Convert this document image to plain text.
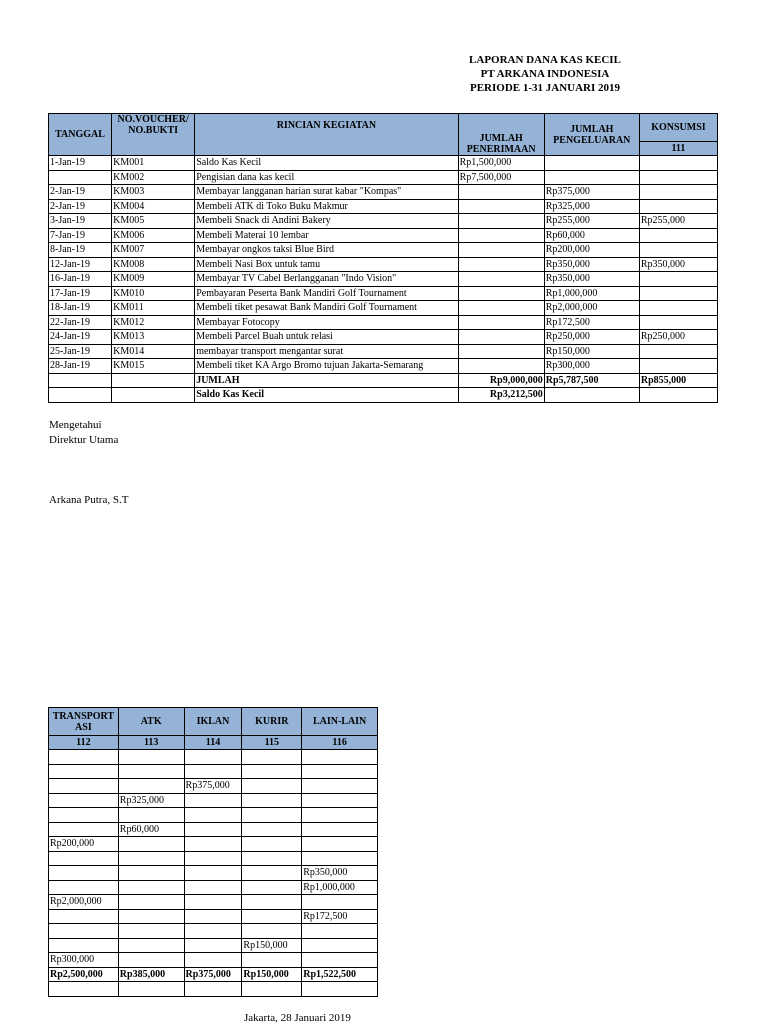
LAPORAN DANA KAS KECIL
PT ARKANA INDONESIA
PERIODE 1-31 JANUARI 2019
TANGGAL	NO.VOUCHER/ NO.BUKTI	RINCIAN KEGIATAN	JUMLAH PENERIMAAN	JUMLAH PENGELUARAN	KONSUMSI
					111
1-Jan-19	KM001	Saldo Kas Kecil	Rp1,500,000		
	KM002	Pengisian dana kas kecil	Rp7,500,000		
2-Jan-19	KM003	Membayar langganan harian surat kabar "Kompas"		Rp375,000	
2-Jan-19	KM004	Membeli ATK di Toko Buku Makmur		Rp325,000	
3-Jan-19	KM005	Membeli Snack di Andini Bakery		Rp255,000	Rp255,000
7-Jan-19	KM006	Membeli Materai 10 lembar		Rp60,000	
8-Jan-19	KM007	Membayar ongkos taksi Blue Bird		Rp200,000	
12-Jan-19	KM008	Membeli Nasi Box untuk tamu		Rp350,000	Rp350,000
16-Jan-19	KM009	Membayar TV Cabel Berlangganan "Indo Vision"		Rp350,000	
17-Jan-19	KM010	Pembayaran Peserta Bank Mandiri Golf Tournament		Rp1,000,000	
18-Jan-19	KM011	Membeli tiket pesawat Bank Mandiri Golf Tournament		Rp2,000,000	
22-Jan-19	KM012	Membayar Fotocopy		Rp172,500	
24-Jan-19	KM013	Membeli Parcel Buah untuk relasi		Rp250,000	Rp250,000
25-Jan-19	KM014	membayar transport mengantar surat		Rp150,000	
28-Jan-19	KM015	Membeli tiket KA Argo Bromo tujuan Jakarta-Semarang		Rp300,000	
		JUMLAH	Rp9,000,000	Rp5,787,500	Rp855,000
		Saldo Kas Kecil	Rp3,212,500		
Mengetahui
Direktur Utama
Arkana Putra, S.T
TRANSPORTASI	ATK	IKLAN	KURIR	LAIN-LAIN
112	113	114	115	116

		Rp375,000		
	Rp325,000			

	Rp60,000			
Rp200,000				

				Rp350,000
				Rp1,000,000
Rp2,000,000				
				Rp172,500

			Rp150,000	
Rp300,000				
Rp2,500,000	Rp385,000	Rp375,000	Rp150,000	Rp1,522,500

Jakarta, 28 Januari 2019
